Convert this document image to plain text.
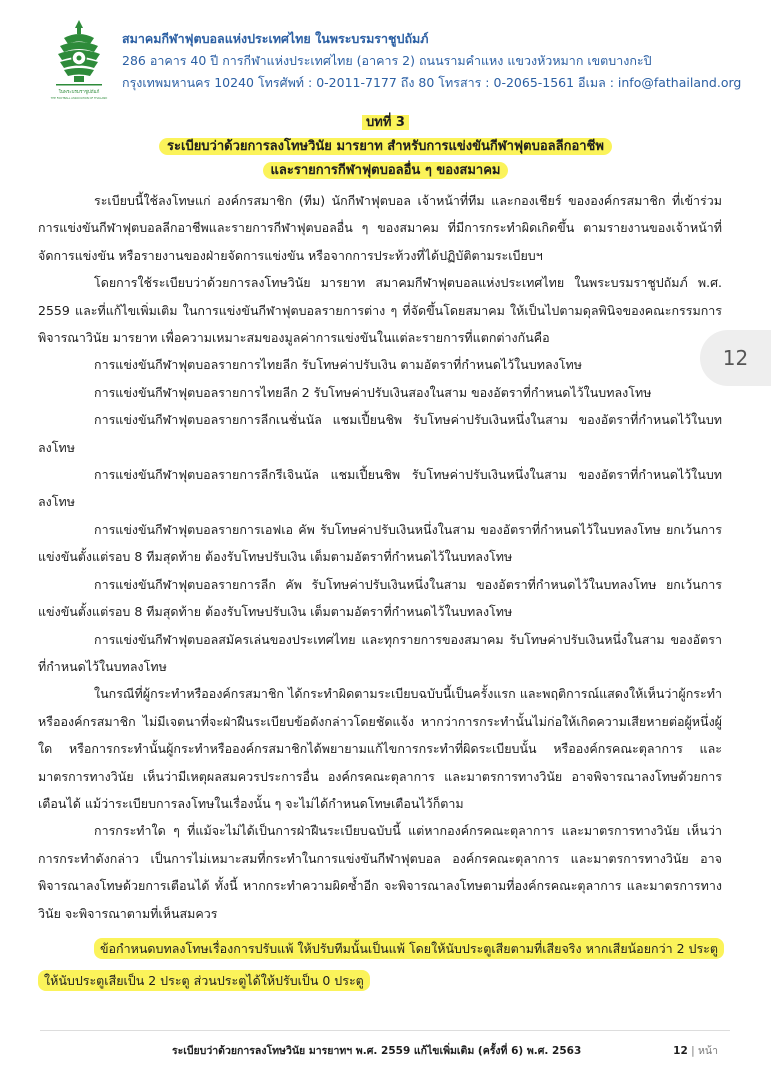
ในพระบรมราชูปถัมภ์
THE FOOTBALL ASSOCIATION OF THAILAND
สมาคมกีฬาฟุตบอลแห่งประเทศไทย ในพระบรมราชูปถัมภ์
286 อาคาร 40 ปี การกีฬาแห่งประเทศไทย (อาคาร 2) ถนนรามคำแหง แขวงหัวหมาก เขตบางกะปิ
กรุงเทพมหานคร 10240 โทรศัพท์ : 0-2011-7177 ถึง 80 โทรสาร : 0-2065-1561 อีเมล : info@fathailand.org
บทที่ 3
ระเบียบว่าด้วยการลงโทษวินัย มารยาท สำหรับการแข่งขันกีฬาฟุตบอลลีกอาชีพ
และรายการกีฬาฟุตบอลอื่น ๆ ของสมาคม

ระเบียบนี้ใช้ลงโทษแก่ องค์กรสมาชิก (ทีม) นักกีฬาฟุตบอล เจ้าหน้าที่ทีม และกองเชียร์ ขององค์กรสมาชิก ที่เข้าร่วมการแข่งขันกีฬาฟุตบอลลีกอาชีพและรายการกีฬาฟุตบอลอื่น ๆ ของสมาคม ที่มีการกระทำผิดเกิดขึ้น ตามรายงานของเจ้าหน้าที่จัดการแข่งขัน หรือรายงานของฝ่ายจัดการแข่งขัน หรือจากการประท้วงที่ได้ปฏิบัติตามระเบียบฯ

โดยการใช้ระเบียบว่าด้วยการลงโทษวินัย มารยาท สมาคมกีฬาฟุตบอลแห่งประเทศไทย ในพระบรมราชูปถัมภ์ พ.ศ. 2559 และที่แก้ไขเพิ่มเติม ในการแข่งขันกีฬาฟุตบอลรายการต่าง ๆ ที่จัดขึ้นโดยสมาคม ให้เป็นไปตามดุลพินิจของคณะกรรมการพิจารณาวินัย มารยาท เพื่อความเหมาะสมของมูลค่าการแข่งขันในแต่ละรายการที่แตกต่างกันคือ

การแข่งขันกีฬาฟุตบอลรายการไทยลีก รับโทษค่าปรับเงิน ตามอัตราที่กำหนดไว้ในบทลงโทษ

การแข่งขันกีฬาฟุตบอลรายการไทยลีก 2 รับโทษค่าปรับเงินสองในสาม ของอัตราที่กำหนดไว้ในบทลงโทษ

การแข่งขันกีฬาฟุตบอลรายการลีกเนชั่นนัล แชมเปี้ยนชิพ รับโทษค่าปรับเงินหนึ่งในสาม ของอัตราที่กำหนดไว้ในบทลงโทษ

การแข่งขันกีฬาฟุตบอลรายการลีกรีเจินนัล แชมเปี้ยนชิพ รับโทษค่าปรับเงินหนึ่งในสาม ของอัตราที่กำหนดไว้ในบทลงโทษ

การแข่งขันกีฬาฟุตบอลรายการเอฟเอ คัพ รับโทษค่าปรับเงินหนึ่งในสาม ของอัตราที่กำหนดไว้ในบทลงโทษ ยกเว้นการแข่งขันตั้งแต่รอบ 8 ทีมสุดท้าย ต้องรับโทษปรับเงิน เต็มตามอัตราที่กำหนดไว้ในบทลงโทษ

การแข่งขันกีฬาฟุตบอลรายการลีก คัพ รับโทษค่าปรับเงินหนึ่งในสาม ของอัตราที่กำหนดไว้ในบทลงโทษ ยกเว้นการแข่งขันตั้งแต่รอบ 8 ทีมสุดท้าย ต้องรับโทษปรับเงิน เต็มตามอัตราที่กำหนดไว้ในบทลงโทษ

การแข่งขันกีฬาฟุตบอลสมัครเล่นของประเทศไทย และทุกรายการของสมาคม รับโทษค่าปรับเงินหนึ่งในสาม ของอัตราที่กำหนดไว้ในบทลงโทษ

ในกรณีที่ผู้กระทำหรือองค์กรสมาชิก ได้กระทำผิดตามระเบียบฉบับนี้เป็นครั้งแรก และพฤติการณ์แสดงให้เห็นว่าผู้กระทำหรือองค์กรสมาชิก ไม่มีเจตนาที่จะฝ่าฝืนระเบียบข้อดังกล่าวโดยชัดแจ้ง หากว่าการกระทำนั้นไม่ก่อให้เกิดความเสียหายต่อผู้หนึ่งผู้ใด หรือการกระทำนั้นผู้กระทำหรือองค์กรสมาชิกได้พยายามแก้ไขการกระทำที่ผิดระเบียบนั้น หรือองค์กรคณะตุลาการ และมาตรการทางวินัย เห็นว่ามีเหตุผลสมควรประการอื่น องค์กรคณะตุลาการ และมาตรการทางวินัย อาจพิจารณาลงโทษด้วยการเตือนได้ แม้ว่าระเบียบการลงโทษในเรื่องนั้น ๆ จะไม่ได้กำหนดโทษเตือนไว้ก็ตาม

การกระทำใด ๆ ที่แม้จะไม่ได้เป็นการฝ่าฝืนระเบียบฉบับนี้ แต่หากองค์กรคณะตุลาการ และมาตรการทางวินัย เห็นว่า การกระทำดังกล่าว เป็นการไม่เหมาะสมที่กระทำในการแข่งขันกีฬาฟุตบอล องค์กรคณะตุลาการ และมาตรการทางวินัย อาจพิจารณาลงโทษด้วยการเตือนได้ ทั้งนี้ หากกระทำความผิดซ้ำอีก จะพิจารณาลงโทษตามที่องค์กรคณะตุลาการ และมาตรการทางวินัย จะพิจารณาตามที่เห็นสมควร

ข้อกำหนดบทลงโทษเรื่องการปรับแพ้ ให้ปรับทีมนั้นเป็นแพ้ โดยให้นับประตูเสียตามที่เสียจริง หากเสียน้อยกว่า 2 ประตู ให้นับประตูเสียเป็น 2 ประตู ส่วนประตูได้ให้ปรับเป็น 0 ประตู

12
ระเบียบว่าด้วยการลงโทษวินัย มารยาทฯ พ.ศ. 2559 แก้ไขเพิ่มเติม (ครั้งที่ 6) พ.ศ. 2563	12 | หน้า
